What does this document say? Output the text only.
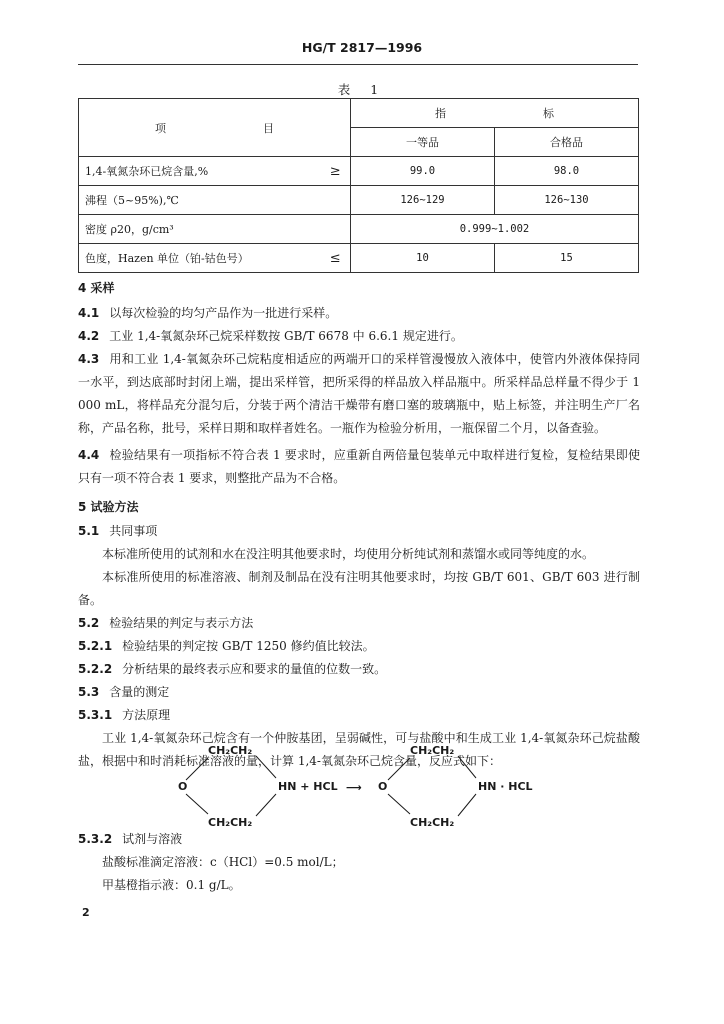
HG/T 2817—1996
表 1
项 目		指 标	
		一等品	合格品
1,4-氧氮杂环已烷含量,%	≥	99.0	98.0
沸程（5~95%),℃		126~129	126~130
密度 ρ20，g/cm³		0.999~1.002	
色度，Hazen 单位（铂-钴色号）	≤	10	15
4 采样
4.1 以每次检验的均匀产品作为一批进行采样。
4.2 工业 1,4-氧氮杂环己烷采样数按 GB/T 6678 中 6.6.1 规定进行。
4.3 用和工业 1,4-氧氮杂环己烷粘度相适应的两端开口的采样管漫慢放入液体中，使管内外液体保持同一水平，到达底部时封闭上端，提出采样管，把所采得的样品放入样品瓶中。所采样品总样量不得少于 1 000 mL，将样品充分混匀后，分装于两个清洁干燥带有磨口塞的玻璃瓶中，贴上标签，并注明生产厂名称，产品名称，批号，采样日期和取样者姓名。一瓶作为检验分析用，一瓶保留二个月，以备查验。
4.4 检验结果有一项指标不符合表 1 要求时，应重新自两倍量包装单元中取样进行复检，复检结果即使只有一项不符合表 1 要求，则整批产品为不合格。
5 试验方法
5.1 共同事项
本标准所使用的试剂和水在没注明其他要求时，均使用分析纯试剂和蒸馏水或同等纯度的水。
本标准所使用的标准溶液、制剂及制品在没有注明其他要求时，均按 GB/T 601、GB/T 603 进行制备。
5.2 检验结果的判定与表示方法
5.2.1 检验结果的判定按 GB/T 1250 修约值比较法。
5.2.2 分析结果的最终表示应和要求的量值的位数一致。
5.3 含量的测定
5.3.1 方法原理
工业 1,4-氧氮杂环己烷含有一个仲胺基团，呈弱碱性，可与盐酸中和生成工业 1,4-氧氮杂环己烷盐酸盐，根据中和时消耗标准溶液的量，计算 1,4-氧氮杂环己烷含量，反应式如下：
CH₂CH₂
O
CH₂CH₂
HN + HCL ⟶ O
CH₂CH₂
CH₂CH₂
HN · HCL
5.3.2 试剂与溶液
盐酸标准滴定溶液：c（HCl）=0.5 mol/L；
甲基橙指示液：0.1 g/L。
2
